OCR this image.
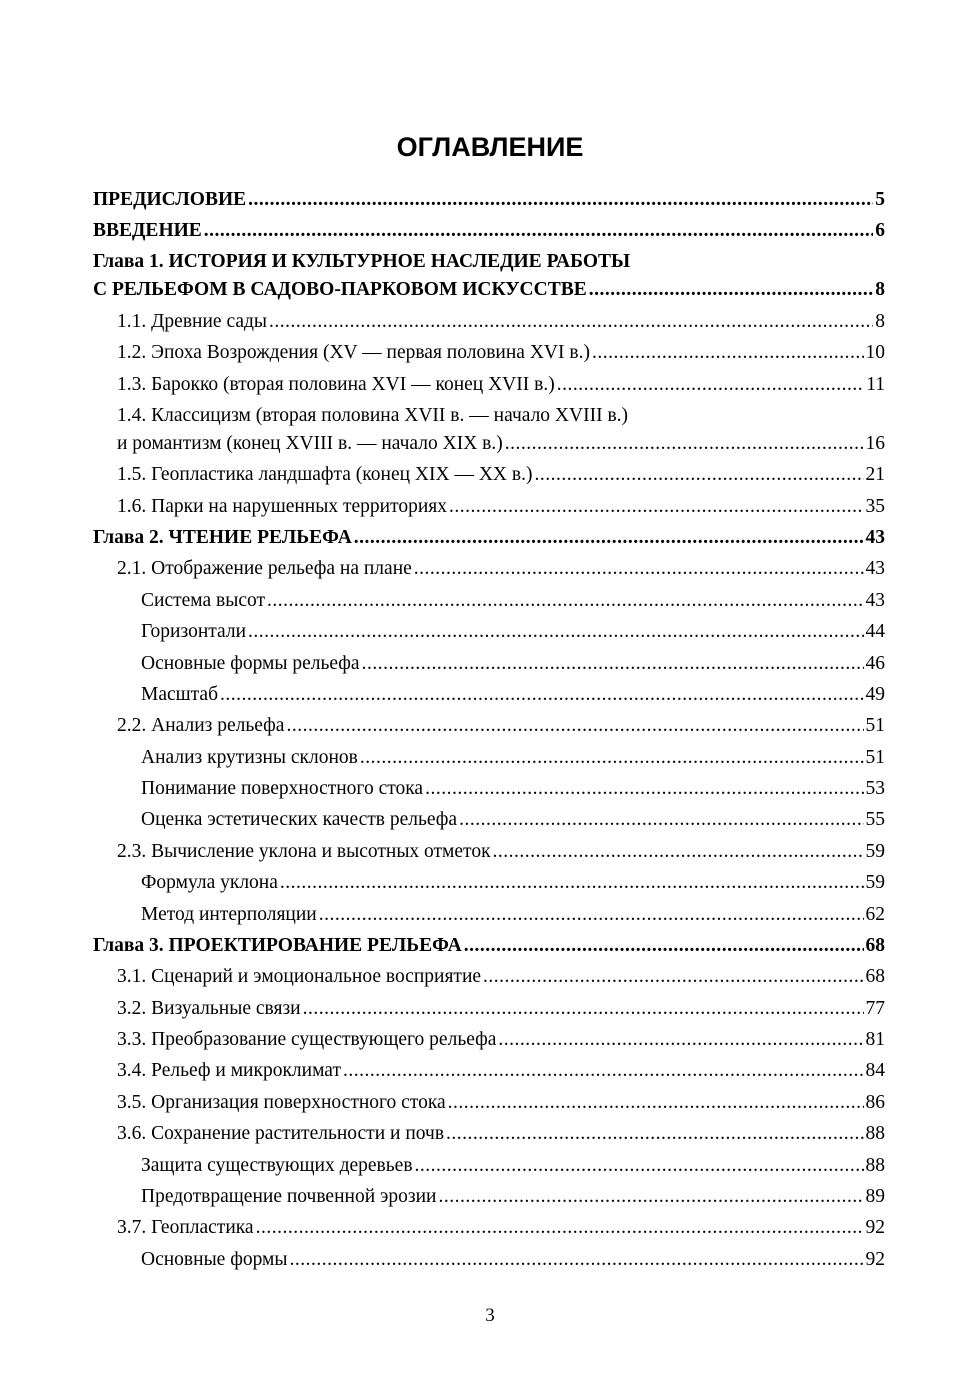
ОГЛАВЛЕНИЕ
ПРЕДИСЛОВИЕ .....	5
ВВЕДЕНИЕ .....	6
Глава 1. ИСТОРИЯ И КУЛЬТУРНОЕ НАСЛЕДИЕ РАБОТЫ
С РЕЛЬЕФОМ В САДОВО-ПАРКОВОМ ИСКУССТВЕ .....	8
1.1. Древние сады .....	8
1.2. Эпоха Возрождения (XV — первая половина XVI в.) .....	10
1.3. Барокко (вторая половина XVI — конец XVII в.) .....	11
1.4. Классицизм (вторая половина XVII в. — начало XVIII в.)
и романтизм (конец XVIII в. — начало XIX в.) .....	16
1.5. Геопластика ландшафта (конец XIX — XX в.) .....	21
1.6. Парки на нарушенных территориях .....	35
Глава 2. ЧТЕНИЕ РЕЛЬЕФА .....	43
2.1. Отображение рельефа на плане .....	43
Система высот .....	43
Горизонтали .....	44
Основные формы рельефа .....	46
Масштаб .....	49
2.2. Анализ рельефа .....	51
Анализ крутизны склонов .....	51
Понимание поверхностного стока .....	53
Оценка эстетических качеств рельефа .....	55
2.3. Вычисление уклона и высотных отметок .....	59
Формула уклона .....	59
Метод интерполяции .....	62
Глава 3. ПРОЕКТИРОВАНИЕ РЕЛЬЕФА .....	68
3.1. Сценарий и эмоциональное восприятие .....	68
3.2. Визуальные связи .....	77
3.3. Преобразование существующего рельефа .....	81
3.4. Рельеф и микроклимат .....	84
3.5. Организация поверхностного стока .....	86
3.6. Сохранение растительности и почв .....	88
Защита существующих деревьев .....	88
Предотвращение почвенной эрозии .....	89
3.7. Геопластика .....	92
Основные формы .....	92
3
